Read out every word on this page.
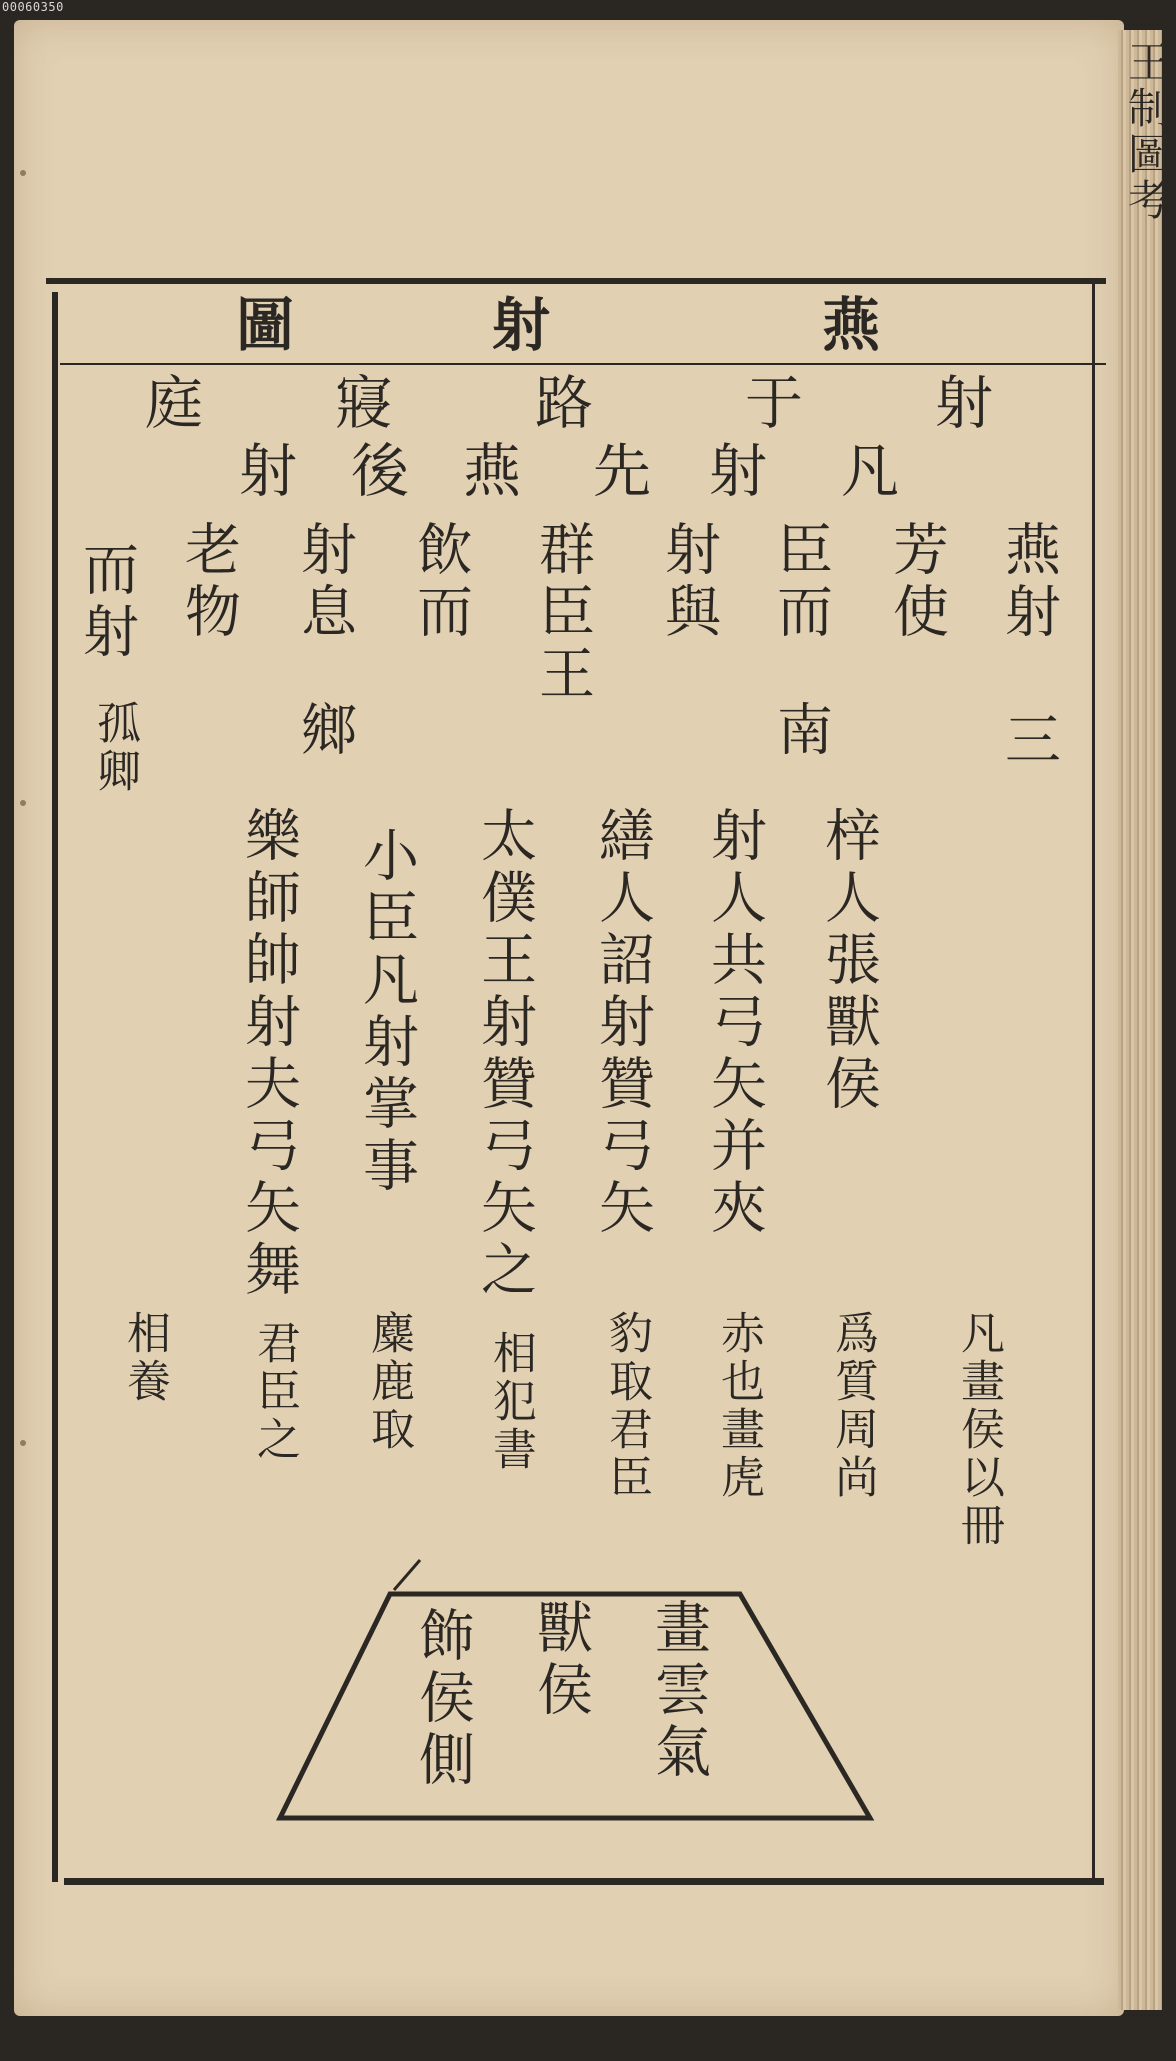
00060350
燕
射
圖
射
于
路
寢
庭
凡
射
先
燕
後
射
燕射
三
芳使
臣而
南
射與
群臣王
飲而
射息
鄉
老物
而射
孤卿
梓人張獸侯
爲質周尚
射人共弓矢并夾
赤也畫虎
繕人詔射贊弓矢
豹取君臣
太僕王射贊弓矢之
相犯書
小臣凡射掌事
麋鹿取
樂師帥射夫弓矢舞
君臣之	凡畫侯以冊
相養
畫雲氣
獸侯
飾侯側
王制圖考
